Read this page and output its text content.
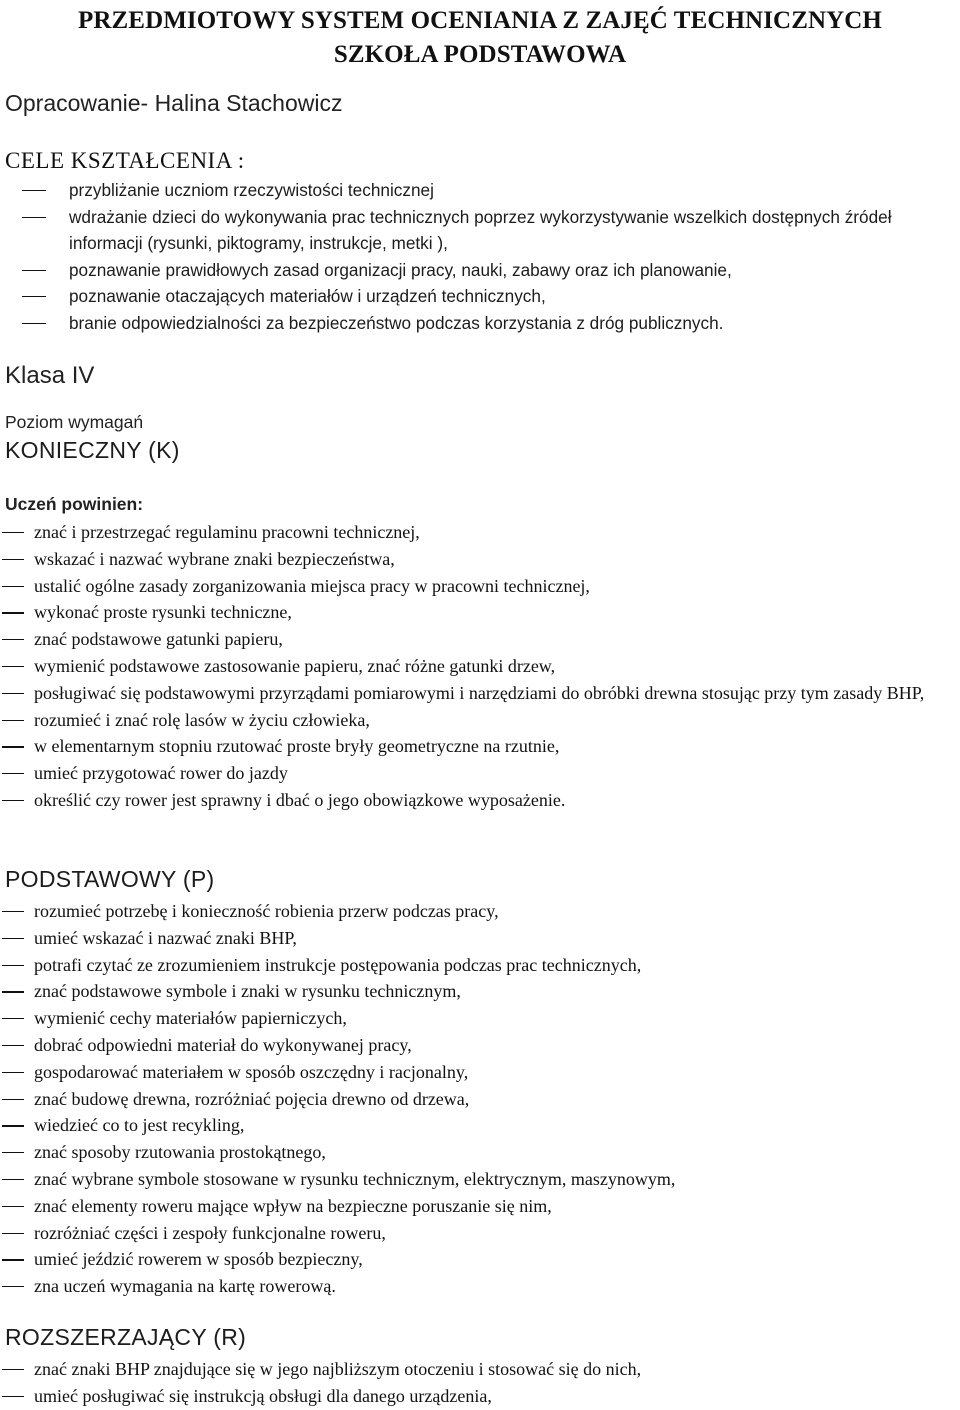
PRZEDMIOTOWY SYSTEM OCENIANIA Z ZAJĘĆ TECHNICZNYCH
SZKOŁA PODSTAWOWA
Opracowanie- Halina Stachowicz
CELE KSZTAŁCENIA :
przybliżanie uczniom rzeczywistości technicznej
wdrażanie dzieci do wykonywania prac technicznych poprzez wykorzystywanie wszelkich dostępnych źródeł informacji (rysunki, piktogramy, instrukcje, metki ),
poznawanie prawidłowych zasad organizacji pracy, nauki, zabawy oraz ich planowanie,
poznawanie otaczających materiałów i urządzeń technicznych,
branie odpowiedzialności za bezpieczeństwo podczas korzystania z dróg publicznych.
Klasa IV
Poziom wymagań
KONIECZNY (K)
Uczeń powinien:
znać i przestrzegać regulaminu pracowni technicznej,
wskazać i nazwać wybrane znaki bezpieczeństwa,
ustalić ogólne zasady zorganizowania miejsca pracy w pracowni technicznej,
wykonać proste rysunki techniczne,
znać podstawowe gatunki papieru,
wymienić podstawowe zastosowanie papieru, znać różne gatunki drzew,
posługiwać się podstawowymi przyrządami pomiarowymi i narzędziami do obróbki drewna stosując przy tym zasady BHP,
rozumieć i znać rolę lasów w życiu człowieka,
w elementarnym stopniu rzutować proste bryły geometryczne na rzutnie,
umieć przygotować rower do jazdy
określić czy rower jest sprawny i dbać o jego obowiązkowe wyposażenie.
PODSTAWOWY (P)
rozumieć potrzebę i konieczność robienia przerw podczas pracy,
umieć wskazać i nazwać znaki BHP,
potrafi czytać ze zrozumieniem instrukcje postępowania podczas prac technicznych,
znać podstawowe symbole i znaki w rysunku technicznym,
wymienić cechy materiałów papierniczych,
dobrać odpowiedni materiał do wykonywanej pracy,
gospodarować materiałem w sposób oszczędny i racjonalny,
znać budowę drewna, rozróżniać pojęcia drewno od drzewa,
wiedzieć co to jest recykling,
znać sposoby rzutowania prostokątnego,
znać wybrane symbole stosowane w rysunku technicznym, elektrycznym, maszynowym,
znać elementy roweru mające wpływ na bezpieczne poruszanie się nim,
rozróżniać części i zespoły funkcjonalne roweru,
umieć jeździć rowerem w sposób bezpieczny,
zna uczeń wymagania na kartę rowerową.
ROZSZERZAJĄCY (R)
znać znaki BHP znajdujące się w jego najbliższym otoczeniu i stosować się do nich,
umieć posługiwać się instrukcją obsługi dla danego urządzenia,
